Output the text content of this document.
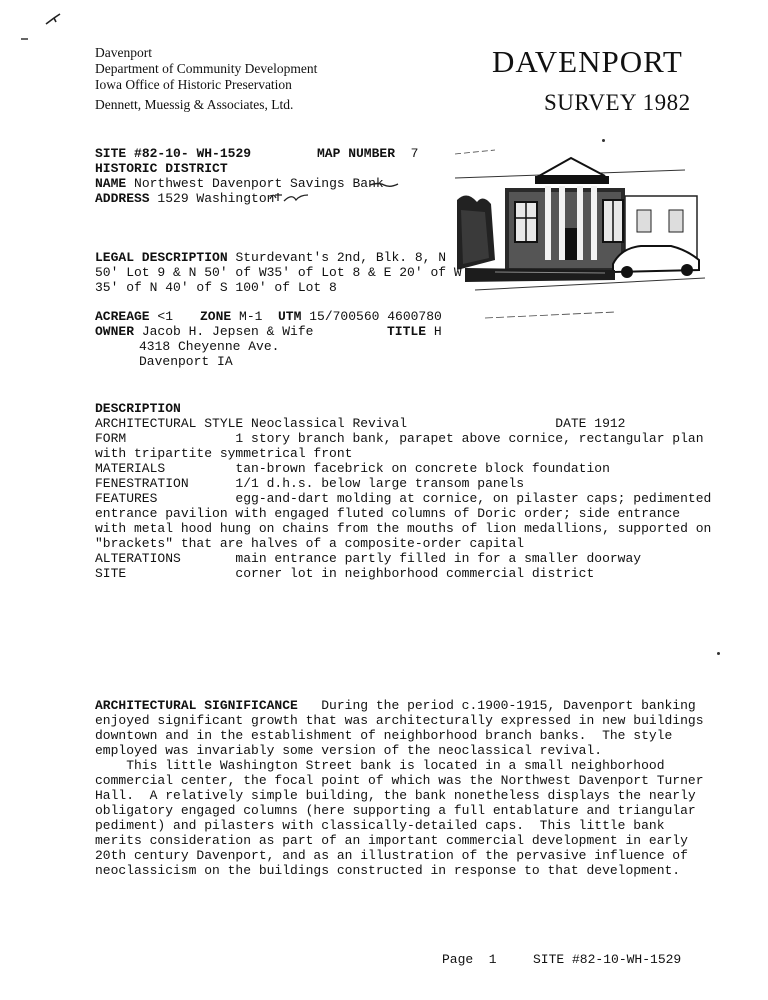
Davenport
Department of Community Development
Iowa Office of Historic Preservation
Dennett, Muessig & Associates, Ltd.
DAVENPORT
SURVEY 1982
SITE #82-10- WH-1529	MAP NUMBER 7
HISTORIC DISTRICT
NAME Northwest Davenport Savings Bank
ADDRESS 1529 Washington
LEGAL DESCRIPTION Sturdevant's 2nd, Blk. 8, N
50' Lot 9 & N 50' of W35' of Lot 8 & E 20' of W
35' of N 40' of S 100' of Lot 8
ACREAGE <1 ZONE M-1 UTM 15/700560 4600780
OWNER Jacob H. Jepsen & Wife	TITLE H
4318 Cheyenne Ave.
Davenport IA
DESCRIPTION
ARCHITECTURAL STYLE Neoclassical Revival                   DATE 1912
FORM              1 story branch bank, parapet above cornice, rectangular plan
with tripartite symmetrical front
MATERIALS         tan-brown facebrick on concrete block foundation
FENESTRATION      1/1 d.h.s. below large transom panels
FEATURES          egg-and-dart molding at cornice, on pilaster caps; pedimented
entrance pavilion with engaged fluted columns of Doric order; side entrance
with metal hood hung on chains from the mouths of lion medallions, supported on
"brackets" that are halves of a composite-order capital
ALTERATIONS       main entrance partly filled in for a smaller doorway
SITE              corner lot in neighborhood commercial district
ARCHITECTURAL SIGNIFICANCE During the period c.1900-1915, Davenport banking
enjoyed significant growth that was architecturally expressed in new buildings
downtown and in the establishment of neighborhood branch banks.  The style
employed was invariably some version of the neoclassical revival.
This little Washington Street bank is located in a small neighborhood
commercial center, the focal point of which was the Northwest Davenport Turner
Hall.  A relatively simple building, the bank nonetheless displays the nearly
obligatory engaged columns (here supporting a full entablature and triangular
pediment) and pilasters with classically-detailed caps.  This little bank
merits consideration as part of an important commercial development in early
20th century Davenport, and as an illustration of the pervasive influence of
neoclassicism on the buildings constructed in response to that development.
Page  1	SITE #82-10-WH-1529
